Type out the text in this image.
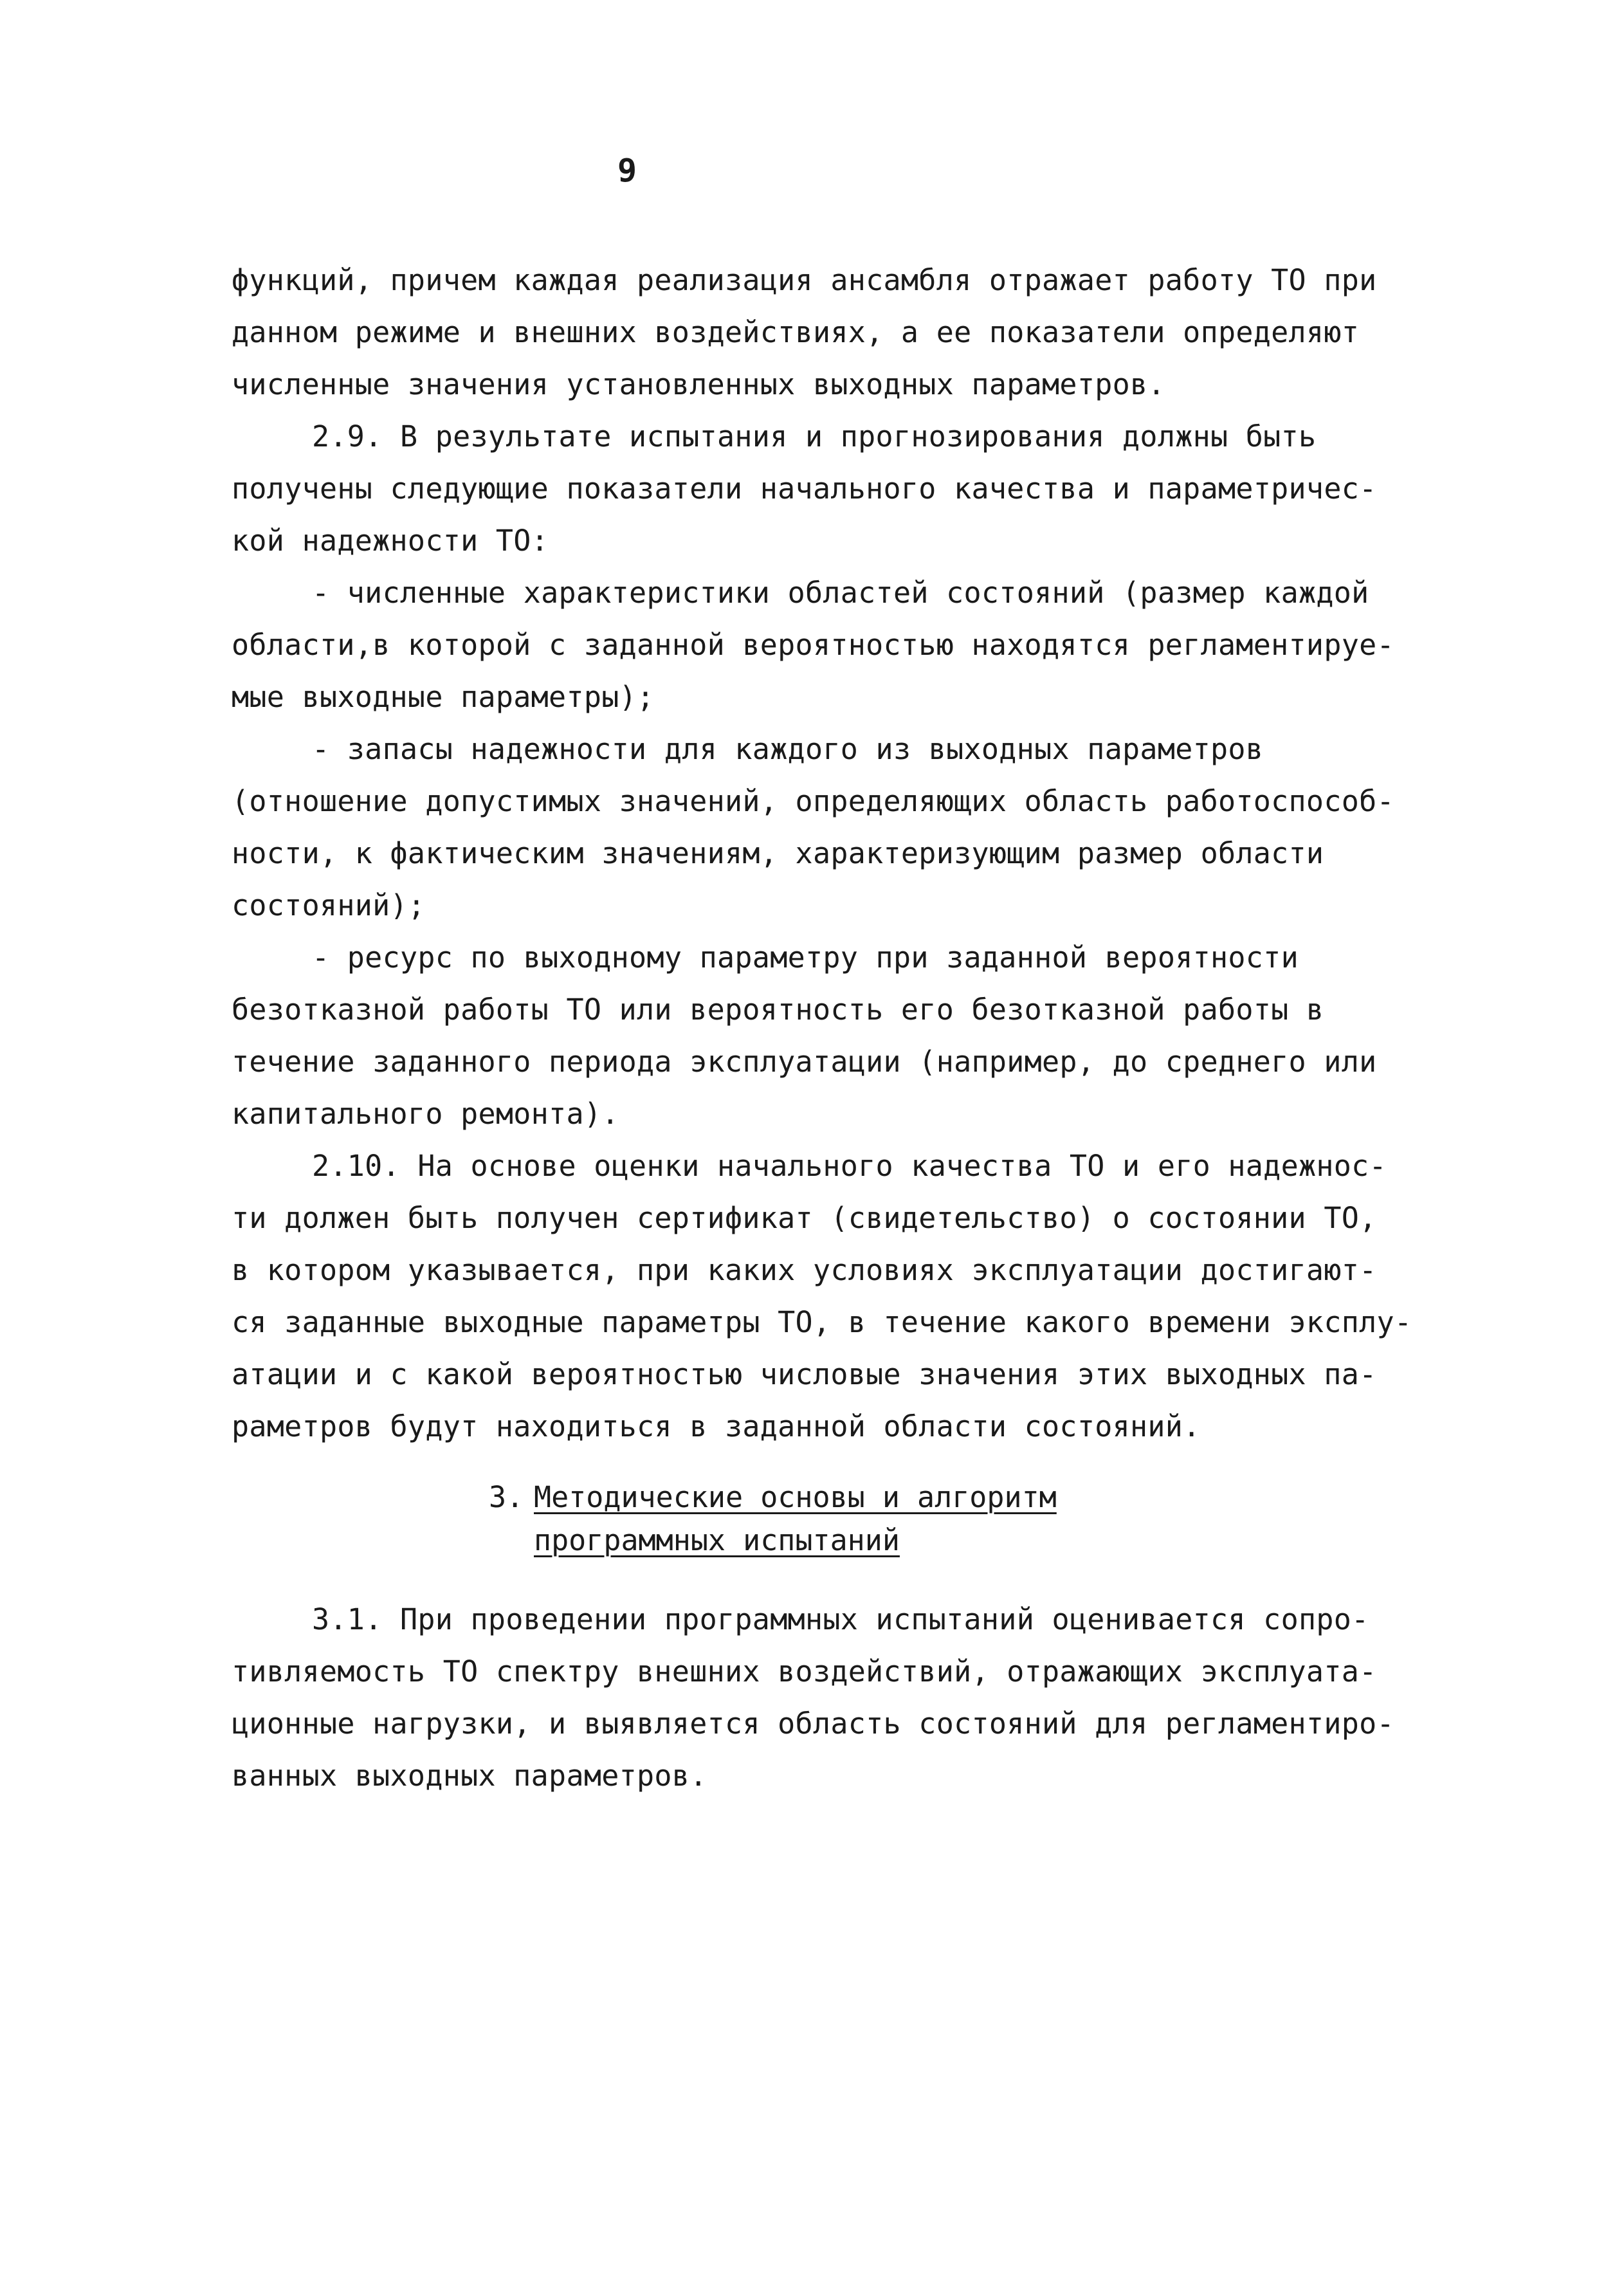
9
функций, причем каждая реализация ансамбля отражает работу ТО при
данном режиме и внешних воздействиях, а ее показатели определяют
численные значения установленных выходных параметров.
2.9. В результате испытания и прогнозирования должны быть
получены следующие показатели начального качества и параметричес-
кой надежности ТО:
- численные характеристики областей состояний (размер каждой
области,в которой с заданной вероятностью находятся регламентируе-
мые выходные параметры);
- запасы надежности для каждого из выходных параметров
(отношение допустимых значений, определяющих область работоспособ-
ности, к фактическим значениям, характеризующим размер области
состояний);
- ресурс по выходному параметру при заданной вероятности
безотказной работы ТО или вероятность его безотказной работы в
течение заданного периода эксплуатации (например, до среднего или
капитального ремонта).
2.10. На основе оценки начального качества ТО и его надежнос-
ти должен быть получен сертификат (свидетельство) о состоянии ТО,
в котором указывается, при каких условиях эксплуатации достигают-
ся заданные выходные параметры ТО, в течение какого времени эксплу-
атации и с какой вероятностью числовые значения этих выходных па-
раметров будут находиться в заданной области состояний.
3. Методические основы и алгоритм
программных испытаний
3.1. При проведении программных испытаний оценивается сопро-
тивляемость ТО спектру внешних воздействий, отражающих эксплуата-
ционные нагрузки, и выявляется область состояний для регламентиро-
ванных выходных параметров.
